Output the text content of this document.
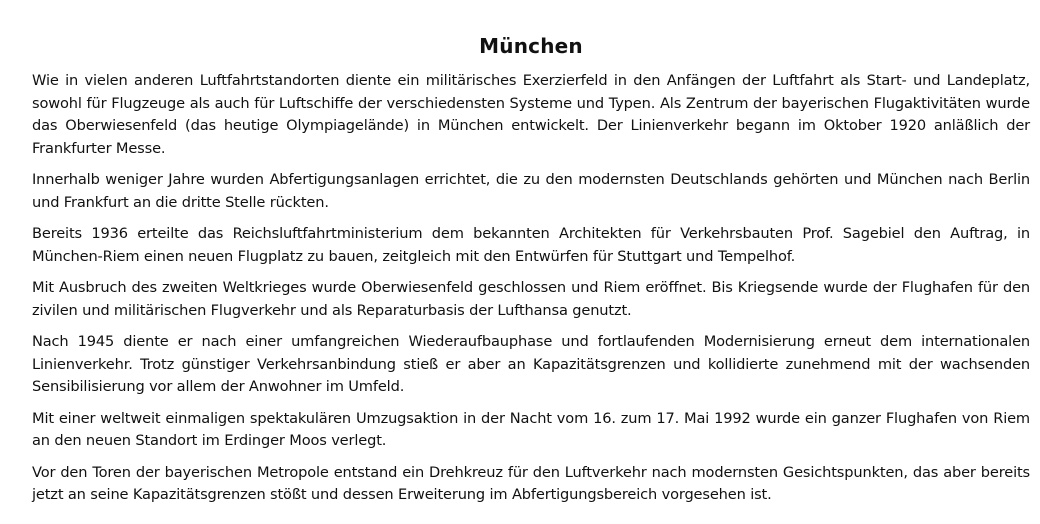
München

Wie in vielen anderen Luftfahrtstandorten diente ein militärisches Exerzierfeld in den Anfängen der Luftfahrt als Start- und Landeplatz, sowohl für Flugzeuge als auch für Luftschiffe der verschiedensten Systeme und Typen. Als Zentrum der bayerischen Flugaktivitäten wurde das Oberwiesenfeld (das heutige Olympiagelände) in München entwickelt. Der Linienverkehr begann im Oktober 1920 anläßlich der Frankfurter Messe.

Innerhalb weniger Jahre wurden Abfertigungsanlagen errichtet, die zu den modernsten Deutschlands gehörten und München nach Berlin und Frankfurt an die dritte Stelle rückten.

Bereits 1936 erteilte das Reichsluftfahrtministerium dem bekannten Architekten für Verkehrsbauten Prof. Sagebiel den Auftrag, in München-Riem einen neuen Flugplatz zu bauen, zeitgleich mit den Entwürfen für Stuttgart und Tempelhof.

Mit Ausbruch des zweiten Weltkrieges wurde Oberwiesenfeld geschlossen und Riem eröffnet. Bis Kriegsende wurde der Flughafen für den zivilen und militärischen Flugverkehr und als Reparaturbasis der Lufthansa genutzt.

Nach 1945 diente er nach einer umfangreichen Wiederaufbauphase und fortlaufenden Modernisierung erneut dem internationalen Linienverkehr. Trotz günstiger Verkehrsanbindung stieß er aber an Kapazitätsgrenzen und kollidierte zunehmend mit der wachsenden Sensibilisierung vor allem der Anwohner im Umfeld.

Mit einer weltweit einmaligen spektakulären Umzugsaktion in der Nacht vom 16. zum 17. Mai 1992 wurde ein ganzer Flughafen von Riem an den neuen Standort im Erdinger Moos verlegt.

Vor den Toren der bayerischen Metropole entstand ein Drehkreuz für den Luftverkehr nach modernsten Gesichtspunkten, das aber bereits jetzt an seine Kapazitätsgrenzen stößt und dessen Erweiterung im Abfertigungsbereich vorgesehen ist.
